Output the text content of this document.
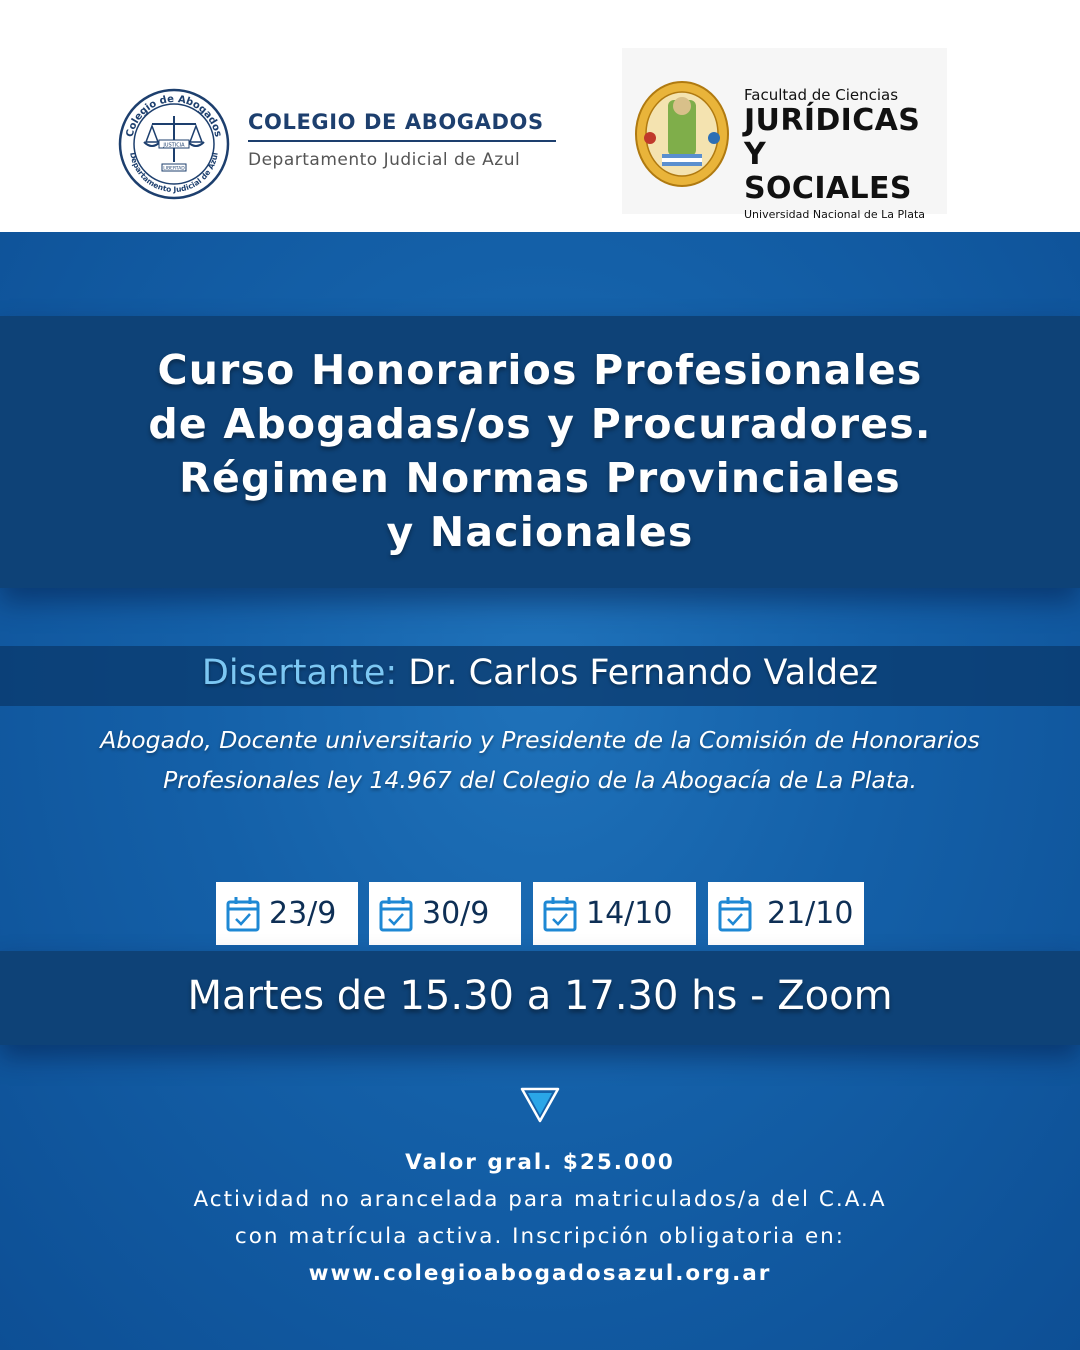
Colegio de Abogados
Departamento Judicial de Azul
JUSTICIA
LIBERTAD
COLEGIO DE ABOGADOS
Departamento Judicial de Azul
Facultad de Ciencias
JURÍDICAS
Y SOCIALES
Universidad Nacional de La Plata
Curso Honorarios Profesionales
de Abogadas/os y Procuradores.
Régimen Normas Provinciales
y Nacionales
Disertante: Dr. Carlos Fernando Valdez
Abogado, Docente universitario y Presidente de la Comisión de Honorarios
Profesionales ley 14.967 del Colegio de la Abogacía de La Plata.
23/9	30/9	14/10	21/10
Martes de 15.30 a 17.30 hs - Zoom
Valor gral. $25.000
Actividad no arancelada para matriculados/a del C.A.A
con matrícula activa. Inscripción obligatoria en:
www.colegioabogadosazul.org.ar
